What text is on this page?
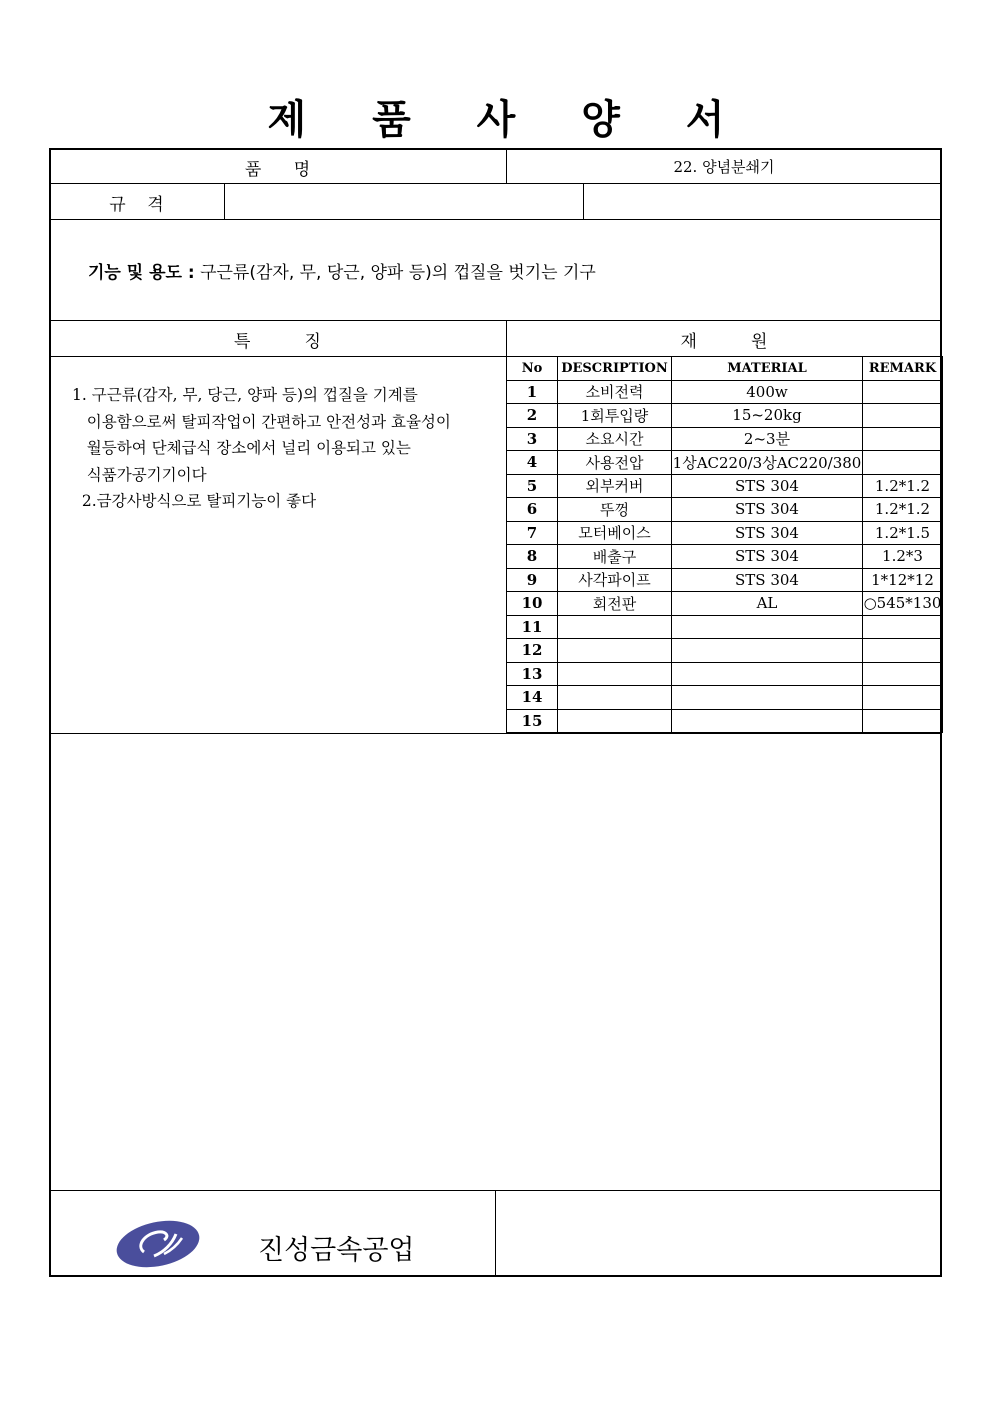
제 품 사 양 서
품      명	22. 양념분쇄기
규    격
기능 및 용도 : 구근류(감자, 무, 당근, 양파 등)의 껍질을 벗기는 기구
특          징	재          원
1. 구근류(감자, 무, 당근, 양파 등)의 껍질을 기계를
이용함으로써 탈피작업이 간편하고 안전성과 효율성이
월등하여 단체급식 장소에서 널리 이용되고 있는
식품가공기기이다
2.금강사방식으로 탈피기능이 좋다
No	DESCRIPTION	MATERIAL	REMARK
1	소비전력	400w	
2	1회투입량	15~20kg	
3	소요시간	2~3분	
4	사용전압	1상AC220/3상AC220/380	
5	외부커버	STS 304	1.2*1.2
6	뚜껑	STS 304	1.2*1.2
7	모터베이스	STS 304	1.2*1.5
8	배출구	STS 304	1.2*3
9	사각파이프	STS 304	1*12*12
10	회전판	AL	○545*130
11			
12			
13			
14			
15			
진성금속공업
